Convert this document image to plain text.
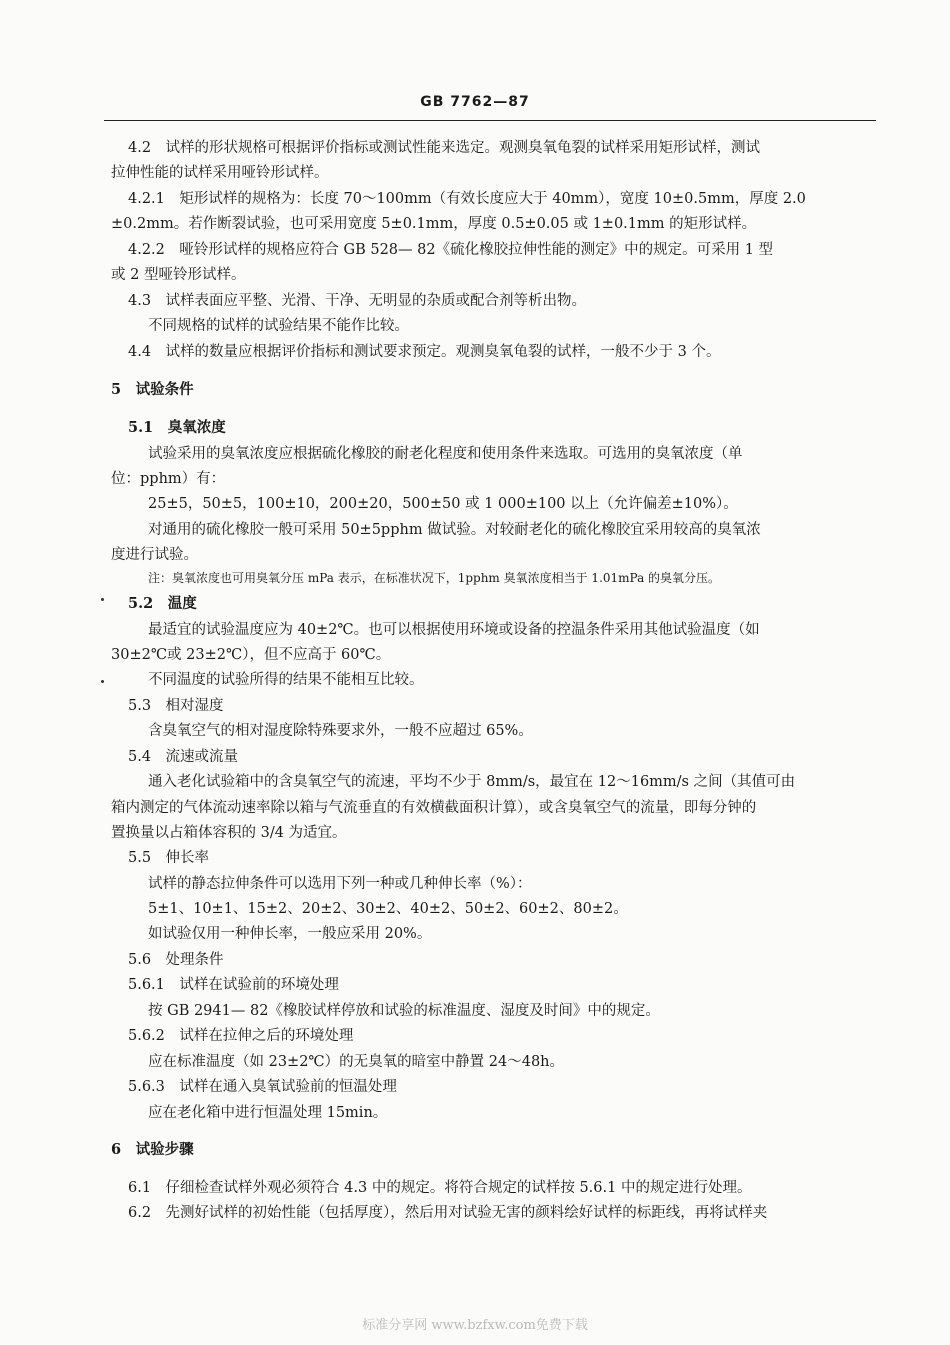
GB 7762—87
4.2　试样的形状规格可根据评价指标或测试性能来选定。观测臭氧龟裂的试样采用矩形试样，测试
拉伸性能的试样采用哑铃形试样。
4.2.1　矩形试样的规格为：长度 70～100mm（有效长度应大于 40mm），宽度 10±0.5mm，厚度 2.0
±0.2mm。若作断裂试验，也可采用宽度 5±0.1mm，厚度 0.5±0.05 或 1±0.1mm 的矩形试样。
4.2.2　哑铃形试样的规格应符合 GB 528— 82《硫化橡胶拉伸性能的测定》中的规定。可采用 1 型
或 2 型哑铃形试样。
4.3　试样表面应平整、光滑、干净、无明显的杂质或配合剂等析出物。
不同规格的试样的试验结果不能作比较。
4.4　试样的数量应根据评价指标和测试要求预定。观测臭氧龟裂的试样，一般不少于 3 个。
5　试验条件
5.1　臭氧浓度
试验采用的臭氧浓度应根据硫化橡胶的耐老化程度和使用条件来选取。可选用的臭氧浓度（单
位：pphm）有：
25±5，50±5，100±10，200±20，500±50 或 1 000±100 以上（允许偏差±10%）。
对通用的硫化橡胶一般可采用 50±5pphm 做试验。对较耐老化的硫化橡胶宜采用较高的臭氧浓
度进行试验。
注：臭氧浓度也可用臭氧分压 mPa 表示，在标准状况下，1pphm 臭氧浓度相当于 1.01mPa 的臭氧分压。
5.2　温度
最适宜的试验温度应为 40±2℃。也可以根据使用环境或设备的控温条件采用其他试验温度（如
30±2℃或 23±2℃），但不应高于 60℃。
不同温度的试验所得的结果不能相互比较。
5.3　相对湿度
含臭氧空气的相对湿度除特殊要求外，一般不应超过 65%。
5.4　流速或流量
通入老化试验箱中的含臭氧空气的流速，平均不少于 8mm/s，最宜在 12～16mm/s 之间（其值可由
箱内测定的气体流动速率除以箱与气流垂直的有效横截面积计算），或含臭氧空气的流量，即每分钟的
置换量以占箱体容积的 3/4 为适宜。
5.5　伸长率
试样的静态拉伸条件可以选用下列一种或几种伸长率（%）：
5±1、10±1、15±2、20±2、30±2、40±2、50±2、60±2、80±2。
如试验仅用一种伸长率，一般应采用 20%。
5.6　处理条件
5.6.1　试样在试验前的环境处理
按 GB 2941— 82《橡胶试样停放和试验的标准温度、湿度及时间》中的规定。
5.6.2　试样在拉伸之后的环境处理
应在标准温度（如 23±2℃）的无臭氧的暗室中静置 24～48h。
5.6.3　试样在通入臭氧试验前的恒温处理
应在老化箱中进行恒温处理 15min。
6　试验步骤
6.1　仔细检查试样外观必须符合 4.3 中的规定。将符合规定的试样按 5.6.1 中的规定进行处理。
6.2　先测好试样的初始性能（包括厚度），然后用对试验无害的颜料绘好试样的标距线，再将试样夹
标准分享网 www.bzfxw.com免费下载
